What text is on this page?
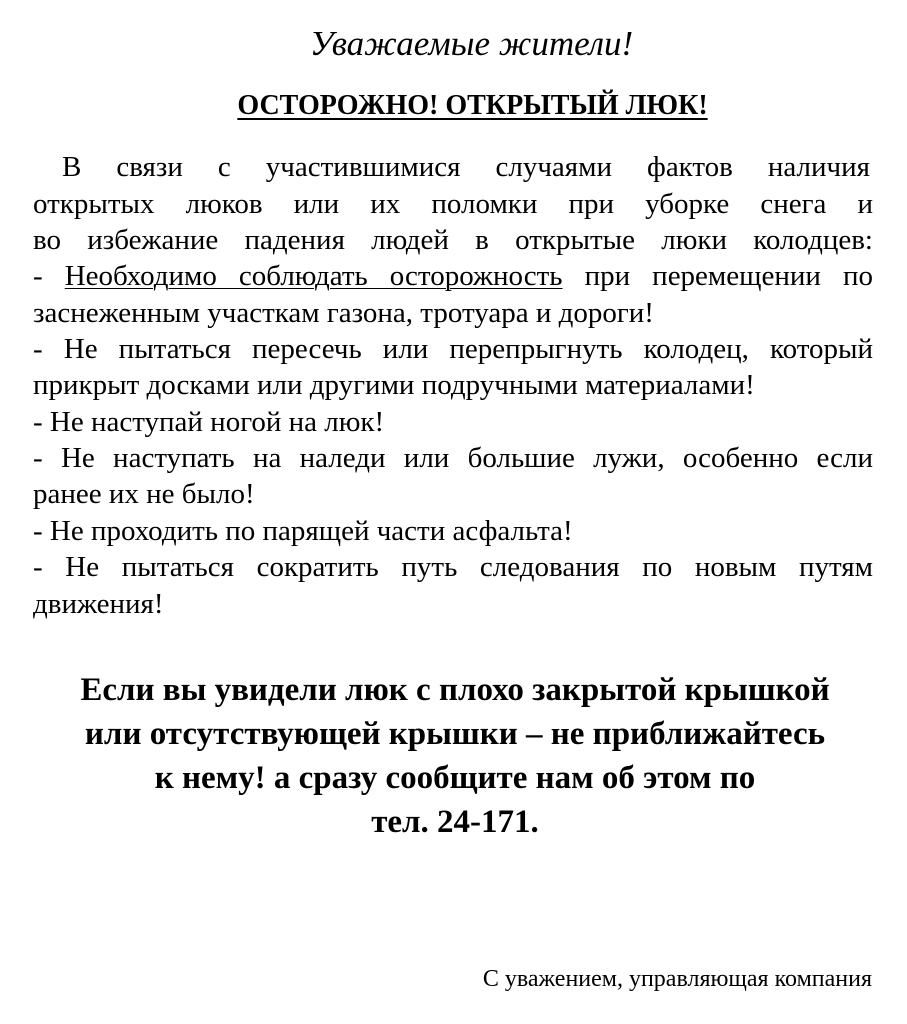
Уважаемые жители!
ОСТОРОЖНО! ОТКРЫТЫЙ ЛЮК!
В связи с участившимися случаями фактов наличия
открытых люков или их поломки при уборке снега и
во избежание падения людей в открытые люки колодцев:
- Необходимо соблюдать осторожность при перемещении по
заснеженным участкам газона, тротуара и дороги!
- Не пытаться пересечь или перепрыгнуть колодец, который
прикрыт досками или другими подручными материалами!
- Не наступай ногой на люк!
- Не наступать на наледи или большие лужи, особенно если
ранее их не было!
- Не проходить по парящей части асфальта!
- Не пытаться сократить путь следования по новым путям
движения!
Если вы увидели люк с плохо закрытой крышкой
или отсутствующей крышки – не приближайтесь
к нему! а сразу сообщите нам об этом по
тел. 24-171.
С уважением, управляющая компания
